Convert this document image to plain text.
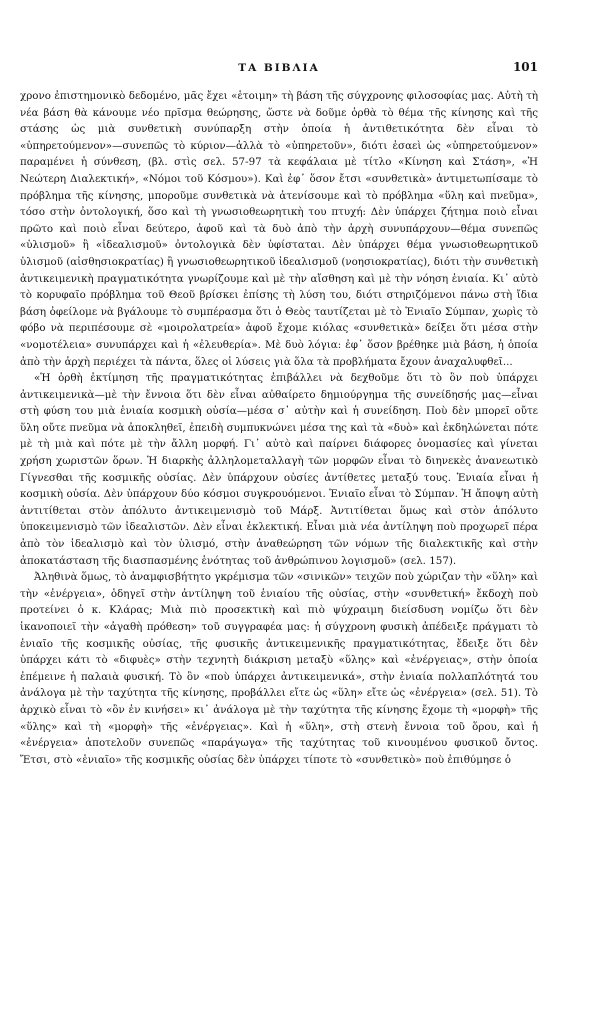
ΤΑ ΒΙΒΛΙΑ	101

χρονο ἐπιστημονικὸ δεδομένο, μᾶς ἔχει «ἑτοιμη» τὴ βάση τῆς σύγχρονης φιλοσοφίας μας. Αὐτὴ τὴ νέα βάση θὰ κάνουμε νέο πρῖσμα θεώρησης, ὥστε νὰ δοῦμε ὀρθὰ τὸ θέμα τῆς κίνησης καὶ τῆς στάσης ὡς μιὰ συνθετικὴ συνύπαρξη στὴν ὁποία ἡ ἀντιθετικότητα δὲν εἶναι τὸ «ὑπηρετούμενον»—συνεπῶς τὸ κύριον—ἀλλὰ τὸ «ὑπηρετοῦν», διότι ἐσαεὶ ὡς «ὑπηρετούμενον» παραμένει ἡ σύνθεση, (βλ. στὶς σελ. 57-97 τὰ κεφάλαια μὲ τίτλο «Κίνηση καὶ Στάση», «Ἡ Νεώτερη Διαλεκτική», «Νόμοι τοῦ Κόσμου»). Καὶ ἐφ᾿ ὅσον ἔτσι «συνθετικὰ» ἀντιμετωπίσαμε τὸ πρόβλημα τῆς κίνησης, μποροῦμε συνθετικὰ νὰ ἀτενίσουμε καὶ τὸ πρόβλημα «ὕλη καὶ πνεῦμα», τόσο στὴν ὀντολογική, ὅσο καὶ τὴ γνωσιοθεωρητικὴ του πτυχή: Δὲν ὑπάρχει ζήτημα ποιὸ εἶναι πρῶτο καὶ ποιὸ εἶναι δεύτερο, ἀφοῦ καὶ τὰ δυὸ ἀπὸ τὴν ἀρχὴ συνυπάρχουν—θέμα συνεπῶς «ὑλισμοῦ» ἢ «ἰδεαλισμοῦ» ὀντολογικὰ δὲν ὑφίσταται. Δὲν ὑπάρχει θέμα γνωσιοθεωρητικοῦ ὑλισμοῦ (αἰσθησιοκρατίας) ἢ γνωσιοθεωρητικοῦ ἰδεαλισμοῦ (νοησιοκρατίας), διότι τὴν συνθετικὴ ἀντικειμενικὴ πραγματικότητα γνωρίζουμε καὶ μὲ τὴν αἴσθηση καὶ μὲ τὴν νόηση ἑνιαία. Κι᾿ αὐτὸ τὸ κορυφαῖο πρόβλημα τοῦ Θεοῦ βρίσκει ἐπίσης τὴ λύση του, διότι στηριζόμενοι πάνω στὴ ἴδια βάση ὀφείλομε νὰ βγάλουμε τὸ συμπέρασμα ὅτι ὁ Θεὸς ταυτίζεται μὲ τὸ Ἑνιαῖο Σύμπαν, χωρὶς τὸ φόβο νὰ περιπέσουμε σὲ «μοιρολατρεία» ἀφοῦ ἔχομε κιόλας «συνθετικὰ» δείξει ὅτι μέσα στὴν «νομοτέλεια» συνυπάρχει καὶ ἡ «ἐλευθερία». Μὲ δυὸ λόγια: ἐφ᾿ ὅσον βρέθηκε μιὰ βάση, ἡ ὁποία ἀπὸ τὴν ἀρχὴ περιέχει τὰ πάντα, ὅλες οἱ λύσεις γιὰ ὅλα τὰ προβλήματα ἔχουν ἀναχαλυφθεῖ...

«Ἡ ὀρθὴ ἐκτίμηση τῆς πραγματικότητας ἐπιβάλλει νὰ δεχθοῦμε ὅτι τὸ ὂν ποὺ ὑπάρχει ἀντικειμενικὰ—μὲ τὴν ἔννοια ὅτι δὲν εἶναι αὐθαίρετο δημιούργημα τῆς συνείδησής μας—εἶναι στὴ φύση του μιὰ ἑνιαία κοσμικὴ οὐσία—μέσα σ᾿ αὐτὴν καὶ ἡ συνείδηση. Ποὺ δὲν μπορεῖ οὔτε ὕλη οὔτε πνεῦμα νὰ ἀποκληθεῖ, ἐπειδὴ συμπυκνώνει μέσα της καὶ τὰ «δυὸ» καὶ ἐκδηλώνεται πότε μὲ τὴ μιὰ καὶ πότε μὲ τὴν ἄλλη μορφή. Γι᾿ αὐτὸ καὶ παίρνει διάφορες ὀνομασίες καὶ γίνεται χρήση χωριστῶν ὅρων. Ἡ διαρκὴς ἀλληλομεταλλαγὴ τῶν μορφῶν εἶναι τὸ διηνεκὲς ἀνανεωτικὸ Γίγνεσθαι τῆς κοσμικῆς οὐσίας. Δὲν ὑπάρχουν οὐσίες ἀντίθετες μεταξύ τους. Ἑνιαία εἶναι ἡ κοσμικὴ οὐσία. Δὲν ὑπάρχουν δύο κόσμοι συγκρουόμενοι. Ἑνιαῖο εἶναι τὸ Σύμπαν. Ἡ ἄποψη αὐτὴ ἀντιτίθεται στὸν ἀπόλυτο ἀντικειμενισμὸ τοῦ Μάρξ. Ἀντιτίθεται ὅμως καὶ στὸν ἀπόλυτο ὑποκειμενισμὸ τῶν ἰδεαλιστῶν. Δὲν εἶναι ἐκλεκτική. Εἶναι μιὰ νέα ἀντίληψη ποὺ προχωρεῖ πέρα ἀπὸ τὸν ἰδεαλισμὸ καὶ τὸν ὑλισμό, στὴν ἀναθεώρηση τῶν νόμων τῆς διαλεκτικῆς καὶ στὴν ἀποκατάσταση τῆς διασπασμένης ἑνότητας τοῦ ἀνθρώπινου λογισμοῦ» (σελ. 157).

Ἀληθινὰ ὅμως, τὸ ἀναμφισβήτητο γκρέμισμα τῶν «σινικῶν» τειχῶν ποὺ χώριζαν τὴν «ὕλη» καὶ τὴν «ἐνέργεια», ὁδηγεῖ στὴν ἀντίληψη τοῦ ἑνιαίου τῆς οὐσίας, στὴν «συνθετική» ἔκδοχὴ ποὺ προτείνει ὁ κ. Κλάρας; Μιὰ πιὸ προσεκτικὴ καὶ πιὸ ψύχραιμη διείσδυση νομίζω ὅτι δὲν ἱκανοποιεῖ τὴν «ἀγαθὴ πρόθεση» τοῦ συγγραφέα μας: ἡ σύγχρονη φυσικὴ ἀπέδειξε πράγματι τὸ ἑνιαῖο τῆς κοσμικῆς οὐσίας, τῆς φυσικῆς ἀντικειμενικῆς πραγματικότητας, ἔδειξε ὅτι δὲν ὑπάρχει κάτι τὸ «διφυὲς» στὴν τεχνητὴ διάκριση μεταξὺ «ὕλης» καὶ «ἐνέργειας», στὴν ὁποία ἐπέμεινε ἡ παλαιὰ φυσική. Τὸ ὂν «ποὺ ὑπάρχει ἀντικειμενικά», στὴν ἑνιαία πολλαπλότητά του ἀνάλογα μὲ τὴν ταχύτητα τῆς κίνησης, προβάλλει εἴτε ὡς «ὕλη» εἴτε ὡς «ἐνέργεια» (σελ. 51). Τὸ ἀρχικὸ εἶναι τὸ «ὂν ἐν κινήσει» κι᾿ ἀνάλογα μὲ τὴν ταχύτητα τῆς κίνησης ἔχομε τὴ «μορφὴ» τῆς «ὕλης» καὶ τὴ «μορφὴ» τῆς «ἐνέργειας». Καὶ ἡ «ὕλη», στὴ στενὴ ἔννοια τοῦ ὅρου, καὶ ἡ «ἐνέργεια» ἀποτελοῦν συνεπῶς «παράγωγα» τῆς ταχύτητας τοῦ κινουμένου φυσικοῦ ὄντος. Ἔτσι, στὸ «ἑνιαῖο» τῆς κοσμικῆς οὐσίας δὲν ὑπάρχει τίποτε τὸ «συνθετικὸ» ποὺ ἐπιθύμησε ὁ
